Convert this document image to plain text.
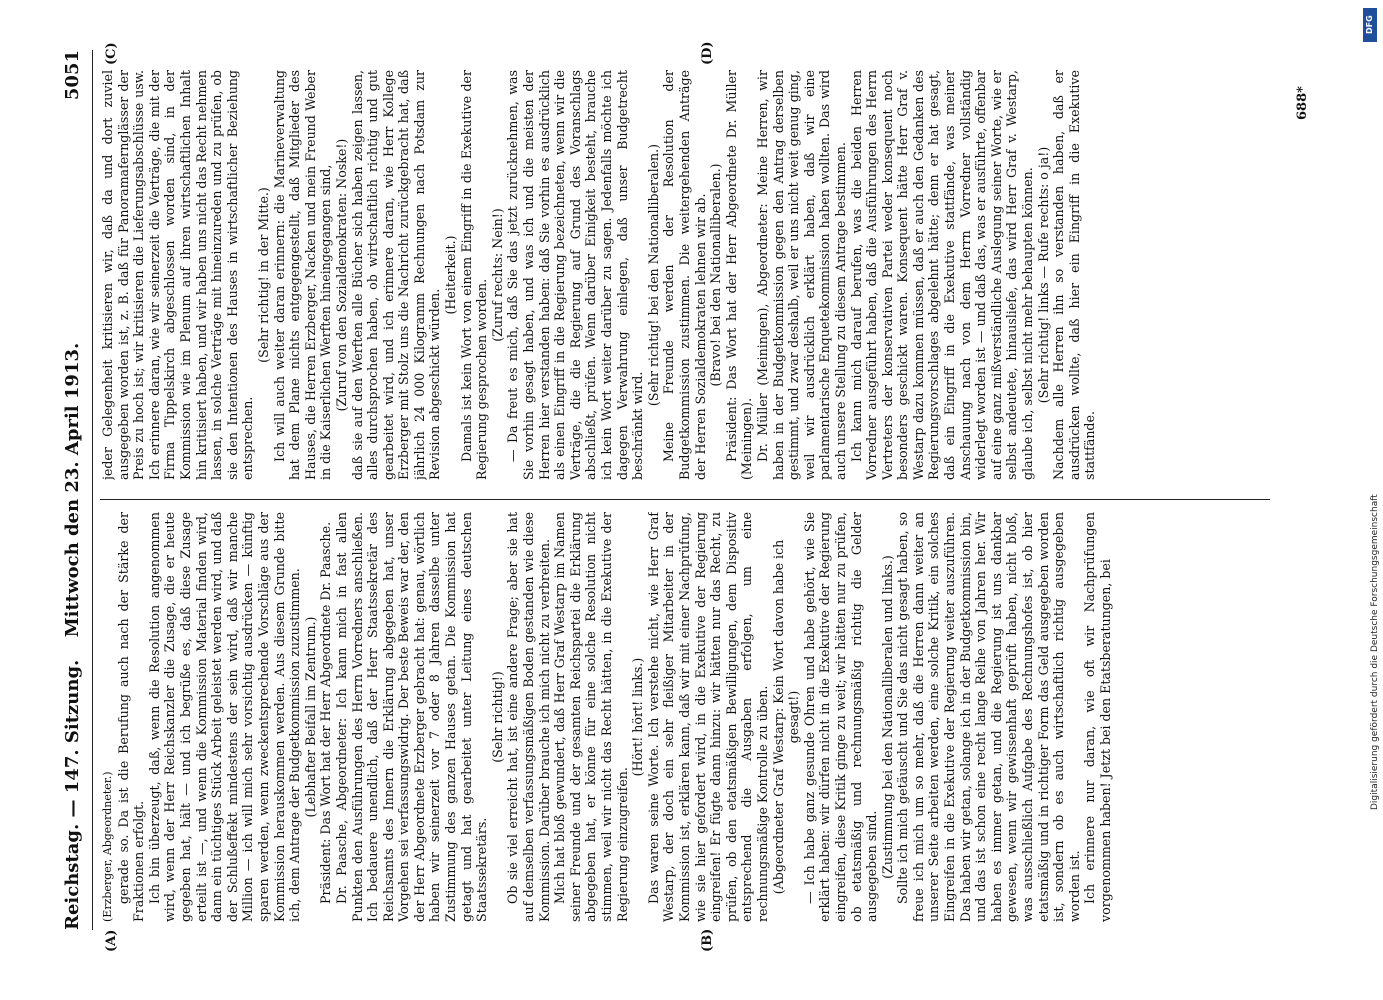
Reichstag. — 147. Sitzung.
Mittwoch den 23. April 1913.
5051
(A)	(B)
(C)	(D)

(Erzberger, Abgeordneter.) gerade so. Da ist die Berufung auch nach der Stärke der Fraktionen erfolgt. Ich bin überzeugt, daß, wenn die Resolution angenommen wird, wenn der Herr Reichskanzler die Zusage, die er heute gegeben hat, hält — und ich begrüße es, daß diese Zusage erteilt ist —, und wenn die Kommission Material finden wird, dann ein tüchtiges Stück Arbeit geleistet werden wird, und daß der Schlußeffekt mindestens der sein wird, daß wir manche Million — ich will mich sehr vorsichtig ausdrücken — künftig sparen werden, wenn zweckentsprechende Vorschläge aus der Kommission herauskommen werden. Aus diesem Grunde bitte ich, dem Antrage der Budgetkommission zuzustimmen. (Lebhafter Beifall im Zentrum.) Präsident: Das Wort hat der Herr Abgeordnete Dr. Paasche. Dr. Paasche, Abgeordneter: Ich kann mich in fast allen Punkten den Ausführungen des Herrn Vorredners anschließen. Ich bedauere unendlich, daß der Herr Staatssekretär des Reichsamts des Innern die Erklärung abgegeben hat, unser Vorgehen sei verfassungswidrig. Der beste Beweis war der, den der Herr Abgeordnete Erzberger gebracht hat: genau, wörtlich haben wir seinerzeit vor 7 oder 8 Jahren dasselbe unter Zustimmung des ganzen Hauses getan. Die Kommission hat getagt und hat gearbeitet unter Leitung eines deutschen Staatssekretärs.

(Sehr richtig!) Ob sie viel erreicht hat, ist eine andere Frage; aber sie hat auf demselben verfassungsmäßigen Boden gestanden wie diese Kommission. Darüber brauche ich mich nicht zu verbreiten. Mich hat bloß gewundert, daß Herr Graf Westarp im Namen seiner Freunde und der gesamten Reichspartei die Erklärung abgegeben hat, er könne für eine solche Resolution nicht stimmen, weil wir nicht das Recht hätten, in die Exekutive der Regierung einzugreifen.

(Hört! hört! links.) Das waren seine Worte. Ich verstehe nicht, wie Herr Graf Westarp, der doch ein sehr fleißiger Mitarbeiter in der Kommission ist, erklären kann, daß wir mit einer Nachprüfung, wie sie hier gefordert wird, in die Exekutive der Regierung eingreifen! Er fügte dann hinzu: wir hätten nur das Recht, zu prüfen, ob den etatsmäßigen Bewilligungen, dem Dispositiv entsprechend die Ausgaben erfolgen, um eine rechnungsmäßige Kontrolle zu üben. (Abgeordneter Graf Westarp: Kein Wort davon habe ich gesagt!) — Ich habe ganz gesunde Ohren und habe gehört, wie Sie erklärt haben: wir dürfen nicht in die Exekutive der Regierung eingreifen, diese Kritik ginge zu weit; wir hätten nur zu prüfen, ob etatsmäßig und rechnungsmäßig richtig die Gelder ausgegeben sind. (Zustimmung bei den Nationalliberalen und links.) Sollte ich mich getäuscht und Sie das nicht gesagt haben, so freue ich mich um so mehr, daß die Herren dann weiter an unserer Seite arbeiten werden, eine solche Kritik, ein solches Eingreifen in die Exekutive der Regierung weiter auszuführen. Das haben wir getan, solange ich in der Budgetkommission bin, und das ist schon eine recht lange Reihe von Jahren her. Wir haben es immer getan, und die Regierung ist uns dankbar gewesen, wenn wir gewissenhaft geprüft haben, nicht bloß, was ausschließlich Aufgabe des Rechnungshofes ist, ob hier etatsmäßig und in richtiger Form das Geld ausgegeben worden ist, sondern ob es auch wirtschaftlich richtig ausgegeben worden ist. Ich erinnere nur daran, wie oft wir Nachprüfungen vorgenommen haben! Jetzt bei den Etatsberatungen, bei

jeder Gelegenheit kritisieren wir, daß da und dort zuviel ausgegeben worden ist, z. B. daß für Panoramafernglässer der Preis zu hoch ist; wir kritisieren die Lieferungsabschlüsse usw. Ich erinnere daran, wie wir seinerzeit die Verträge, die mit der Firma Tippelskirch abgeschlossen worden sind, in der Kommission wie im Plenum auf ihren wirtschaftlichen Inhalt hin kritisiert haben, und wir haben uns nicht das Recht nehmen lassen, in solche Verträge mit hineinzureden und zu prüfen, ob sie den Intentionen des Hauses in wirtschaftlicher Beziehung entsprechen.

(Sehr richtig! in der Mitte.) Ich will auch weiter daran erinnern: die Marineverwaltung hat dem Plane nichts entgegengestellt, daß Mitglieder des Hauses, die Herren Erzberger, Nacken und mein Freund Weber in die Kaiserlichen Werften hineingegangen sind, (Zuruf von den Sozialdemokraten: Noske!) daß sie auf den Werften alle Bücher sich haben zeigen lassen, alles durchsprochen haben, ob wirtschaftlich richtig und gut gearbeitet wird, und ich erinnere daran, wie Herr Kollege Erzberger mit Stolz uns die Nachricht zurückgebracht hat, daß jährlich 24 000 Kilogramm Rechnungen nach Potsdam zur Revision abgeschickt würden.

(Heiterkeit.) Damals ist kein Wort von einem Eingriff in die Exekutive der Regierung gesprochen worden.

(Zuruf rechts: Nein!) — Da freut es mich, daß Sie das jetzt zurücknehmen, was Sie vorhin gesagt haben, und was ich und die meisten der Herren hier verstanden haben: daß Sie vorhin es ausdrücklich als einen Eingriff in die Regierung bezeichneten, wenn wir die Verträge, die die Regierung auf Grund des Voranschlags abschließt, prüfen. Wenn darüber Einigkeit besteht, brauche ich kein Wort weiter darüber zu sagen. Jedenfalls möchte ich dagegen Verwahrung einlegen, daß unser Budgetrecht beschränkt wird.

(Sehr richtig! bei den Nationalliberalen.) Meine Freunde werden der Resolution der Budgetkommission zustimmen. Die weitergehenden Anträge der Herren Sozialdemokraten lehnen wir ab. (Bravo! bei den Nationalliberalen.) Präsident: Das Wort hat der Herr Abgeordnete Dr. Müller (Meiningen). Dr. Müller (Meiningen), Abgeordneter: Meine Herren, wir haben in der Budgetkommission gegen den Antrag derselben gestimmt, und zwar deshalb, weil er uns nicht weit genug ging, weil wir ausdrücklich erklärt haben, daß wir eine parlamentarische Enquetekommission haben wollten. Das wird auch unsere Stellung zu diesem Antrage bestimmen. Ich kann mich darauf berufen, was die beiden Herren Vorredner ausgeführt haben, daß die Ausführungen des Herrn Vertreters der konservativen Partei weder konsequent noch besonders geschickt waren. Konsequent hätte Herr Graf v. Westarp dazu kommen müssen, daß er auch den Gedanken des Regierungsvorschlages abgelehnt hätte; denn er hat gesagt, daß ein Eingriff in die Exekutive stattfände, was meiner Anschauung nach von dem Herrn Vorredner vollständig widerlegt worden ist — und daß das, was er ausführte, offenbar auf eine ganz mißverständliche Auslegung seiner Worte, wie er selbst andeutete, hinausliefe, das wird Herr Graf v. Westarp, glaube ich, selbst nicht mehr behaupten können. (Sehr richtig! links — Rufe rechts: o ja!) Nachdem alle Herren ihn so verstanden haben, daß er ausdrücken wollte, daß hier ein Eingriff in die Exekutive stattfände.

688*
DFG
Digitalisierung gefördert durch die Deutsche Forschungsgemeinschaft
